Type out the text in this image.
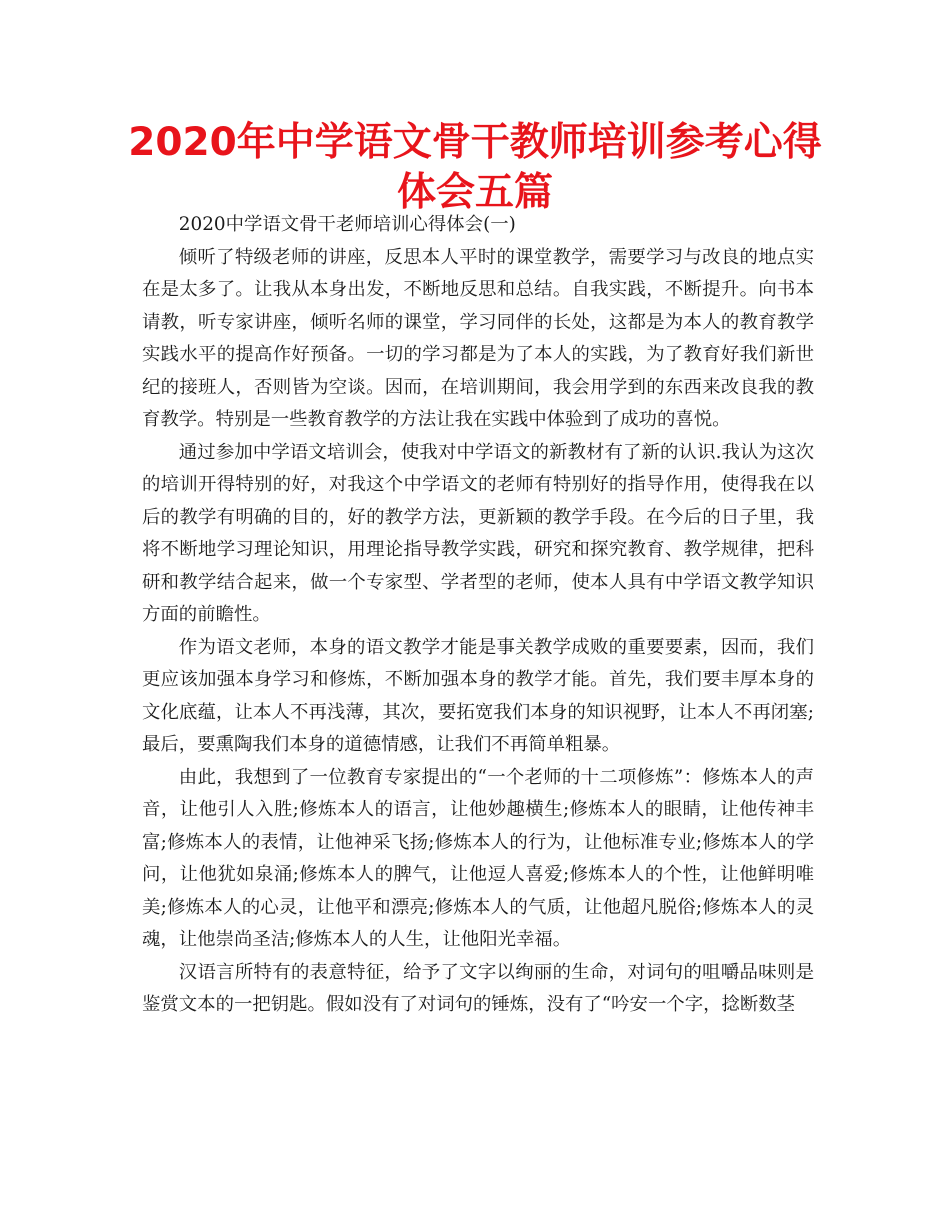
2020年中学语文骨干教师培训参考心得体会五篇

2020中学语文骨干老师培训心得体会(一)

倾听了特级老师的讲座，反思本人平时的课堂教学，需要学习与改良的地点实在是太多了。让我从本身出发，不断地反思和总结。自我实践，不断提升。向书本请教，听专家讲座，倾听名师的课堂，学习同伴的长处，这都是为本人的教育教学实践水平的提高作好预备。一切的学习都是为了本人的实践，为了教育好我们新世纪的接班人，否则皆为空谈。因而，在培训期间，我会用学到的东西来改良我的教育教学。特别是一些教育教学的方法让我在实践中体验到了成功的喜悦。

通过参加中学语文培训会，使我对中学语文的新教材有了新的认识.我认为这次的培训开得特别的好，对我这个中学语文的老师有特别好的指导作用，使得我在以后的教学有明确的目的，好的教学方法，更新颖的教学手段。在今后的日子里，我将不断地学习理论知识，用理论指导教学实践，研究和探究教育、教学规律，把科研和教学结合起来，做一个专家型、学者型的老师，使本人具有中学语文教学知识方面的前瞻性。

作为语文老师，本身的语文教学才能是事关教学成败的重要要素，因而，我们更应该加强本身学习和修炼，不断加强本身的教学才能。首先，我们要丰厚本身的文化底蕴，让本人不再浅薄，其次，要拓宽我们本身的知识视野，让本人不再闭塞;最后，要熏陶我们本身的道德情感，让我们不再简单粗暴。

由此，我想到了一位教育专家提出的“一个老师的十二项修炼”：修炼本人的声音，让他引人入胜;修炼本人的语言，让他妙趣横生;修炼本人的眼睛，让他传神丰富;修炼本人的表情，让他神采飞扬;修炼本人的行为，让他标准专业;修炼本人的学问，让他犹如泉涌;修炼本人的脾气，让他逗人喜爱;修炼本人的个性，让他鲜明唯美;修炼本人的心灵，让他平和漂亮;修炼本人的气质，让他超凡脱俗;修炼本人的灵魂，让他崇尚圣洁;修炼本人的人生，让他阳光幸福。

汉语言所特有的表意特征，给予了文字以绚丽的生命，对词句的咀嚼品味则是鉴赏文本的一把钥匙。假如没有了对词句的锤炼，没有了“吟安一个字，捻断数茎
